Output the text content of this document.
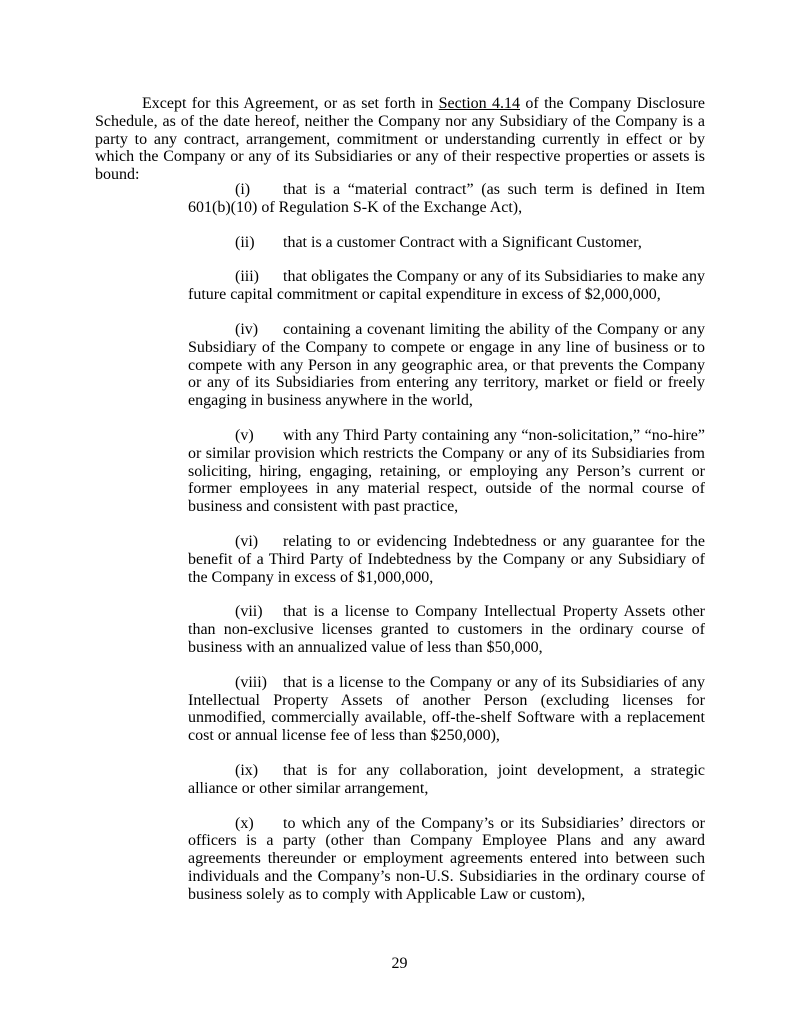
Except for this Agreement, or as set forth in Section 4.14 of the Company Disclosure Schedule, as of the date hereof, neither the Company nor any Subsidiary of the Company is a party to any contract, arrangement, commitment or understanding currently in effect or by which the Company or any of its Subsidiaries or any of their respective properties or assets is bound:

(i) that is a “material contract” (as such term is defined in Item 601(b)(10) of Regulation S-K of the Exchange Act),

(ii) that is a customer Contract with a Significant Customer,

(iii) that obligates the Company or any of its Subsidiaries to make any future capital commitment or capital expenditure in excess of $2,000,000,

(iv) containing a covenant limiting the ability of the Company or any Subsidiary of the Company to compete or engage in any line of business or to compete with any Person in any geographic area, or that prevents the Company or any of its Subsidiaries from entering any territory, market or field or freely engaging in business anywhere in the world,

(v) with any Third Party containing any “non-solicitation,” “no-hire” or similar provision which restricts the Company or any of its Subsidiaries from soliciting, hiring, engaging, retaining, or employing any Person’s current or former employees in any material respect, outside of the normal course of business and consistent with past practice,

(vi) relating to or evidencing Indebtedness or any guarantee for the benefit of a Third Party of Indebtedness by the Company or any Subsidiary of the Company in excess of $1,000,000,

(vii) that is a license to Company Intellectual Property Assets other than non-exclusive licenses granted to customers in the ordinary course of business with an annualized value of less than $50,000,

(viii) that is a license to the Company or any of its Subsidiaries of any Intellectual Property Assets of another Person (excluding licenses for unmodified, commercially available, off-the-shelf Software with a replacement cost or annual license fee of less than $250,000),

(ix) that is for any collaboration, joint development, a strategic alliance or other similar arrangement,

(x) to which any of the Company’s or its Subsidiaries’ directors or officers is a party (other than Company Employee Plans and any award agreements thereunder or employment agreements entered into between such individuals and the Company’s non-U.S. Subsidiaries in the ordinary course of business solely as to comply with Applicable Law or custom),

29
